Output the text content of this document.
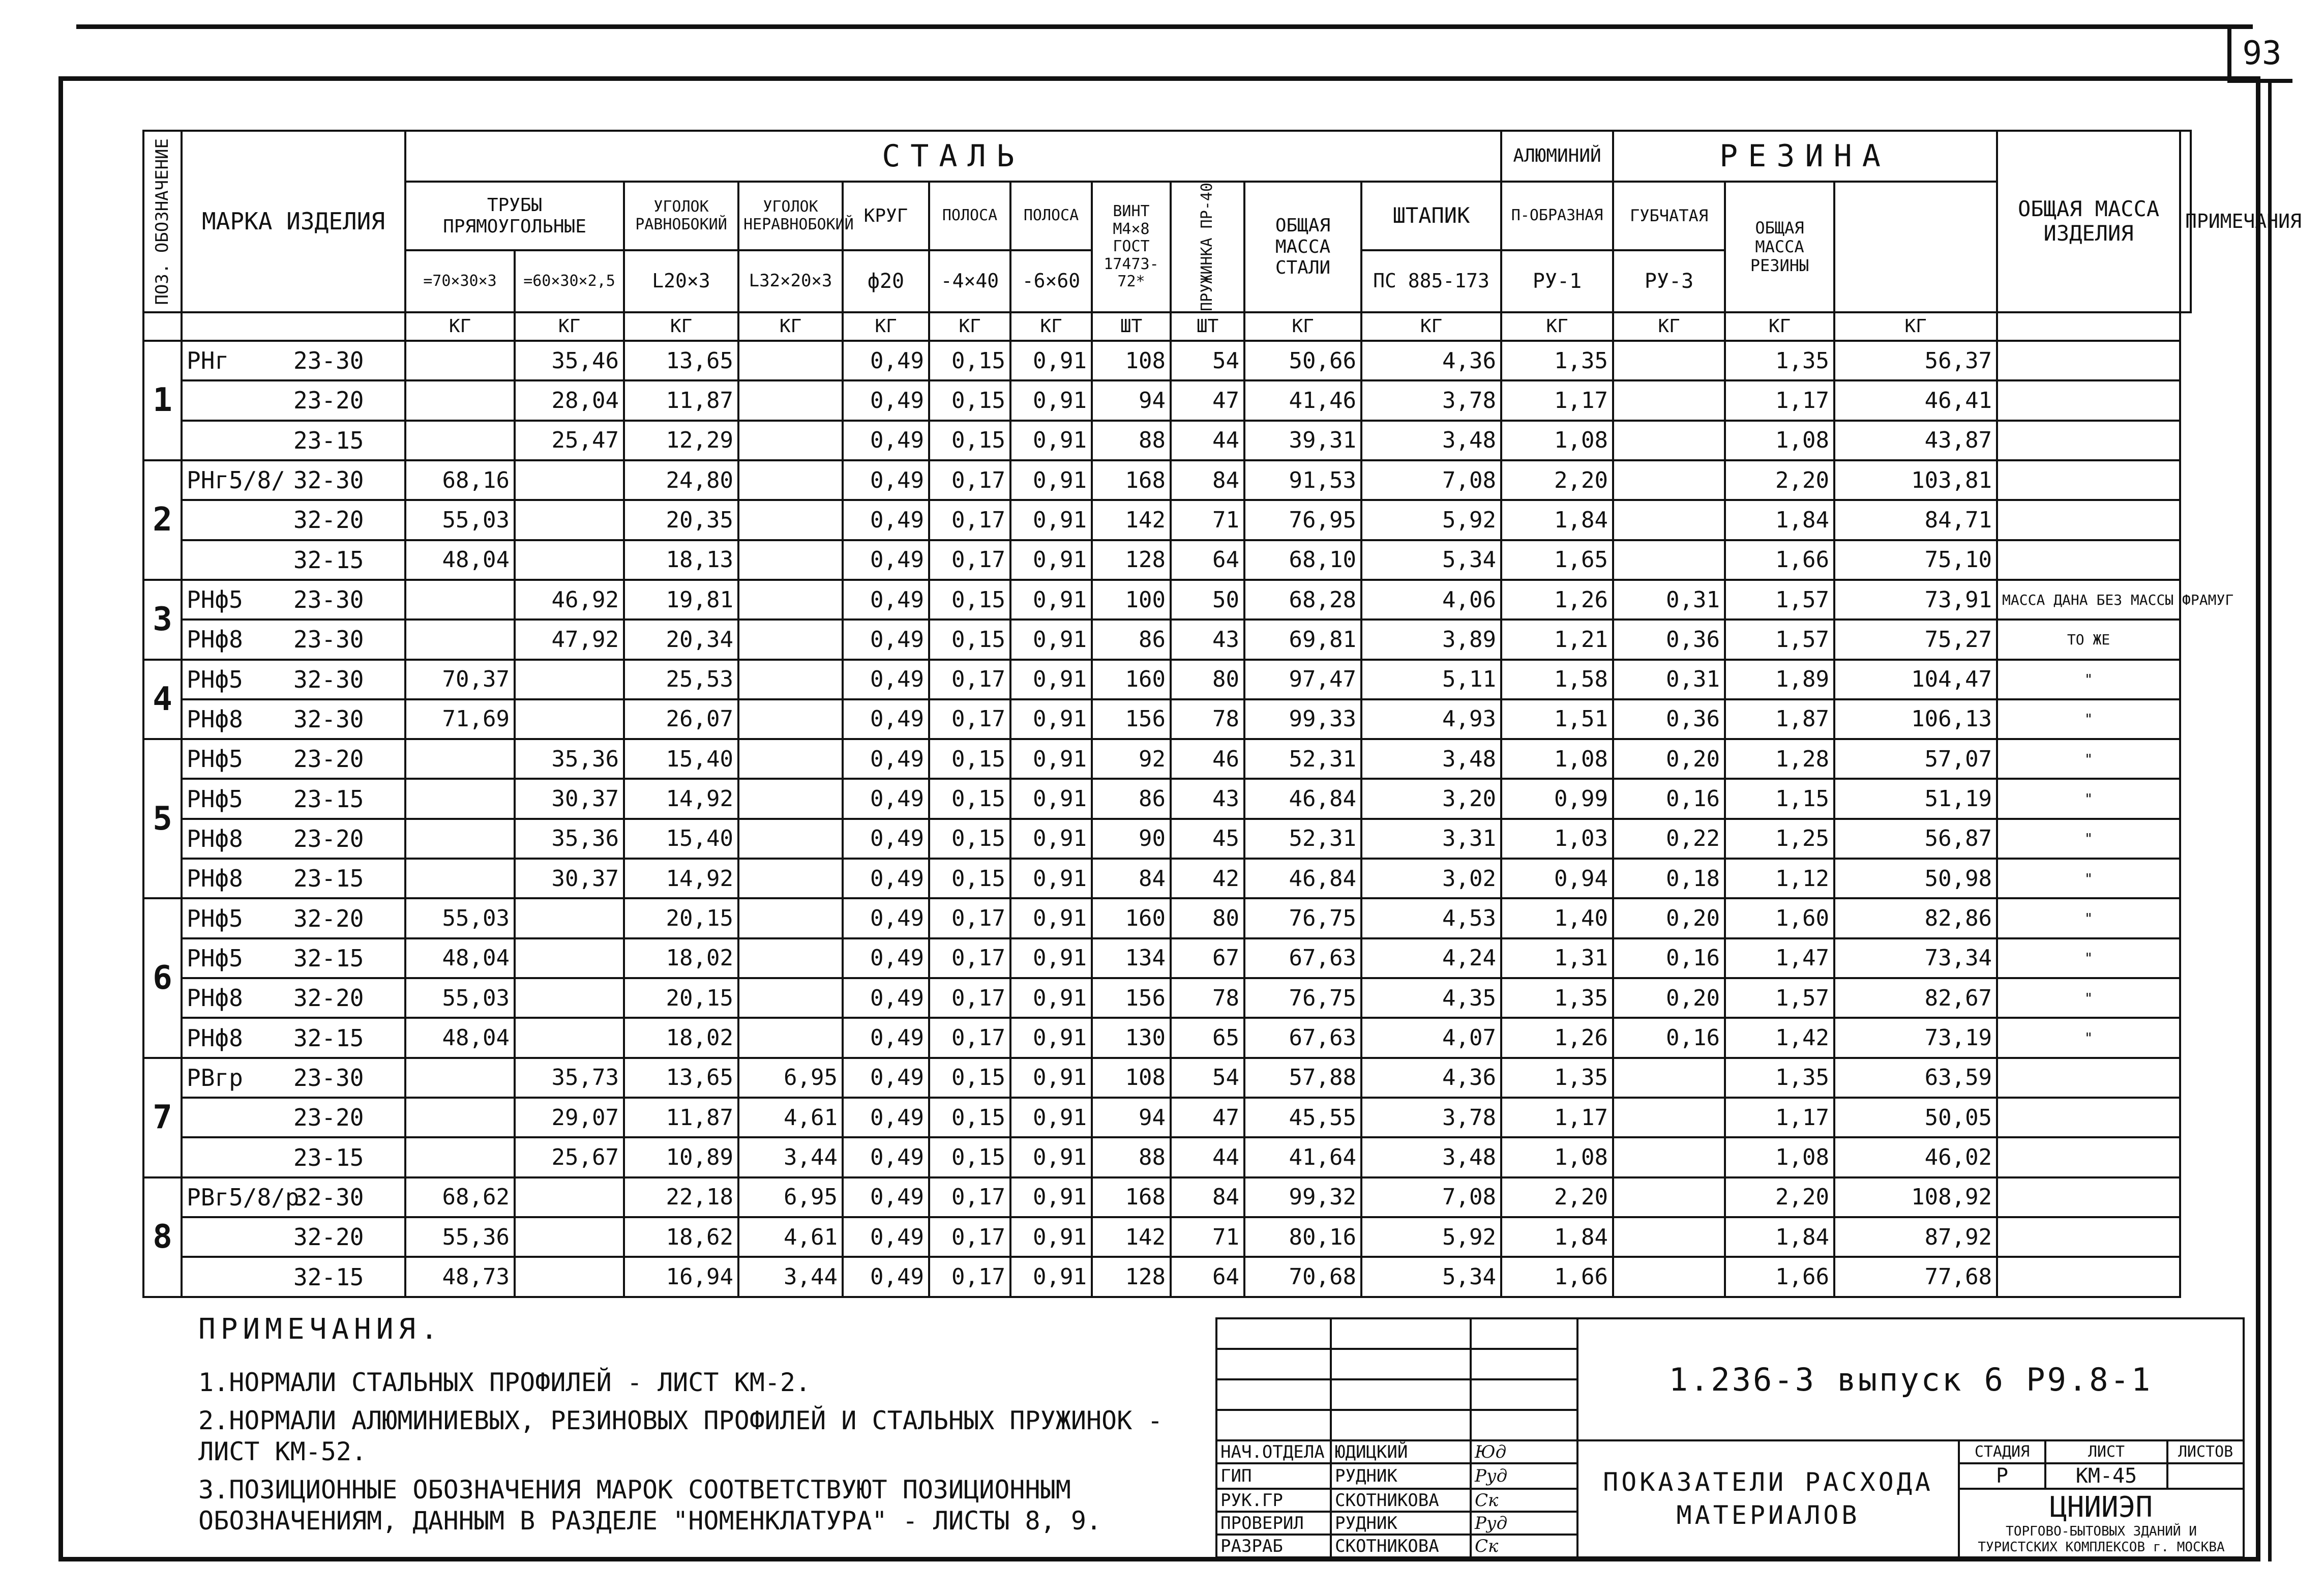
93
ПОЗ. ОБОЗНАЧЕНИЕ	МАРКА ИЗДЕЛИЯ	СТАЛЬ											АЛЮМИНИЙ	РЕЗИНА			ОБЩАЯ МАССА ИЗДЕЛИЯ	ПРИМЕЧАНИЯ
		ТРУБЫ ПРЯМОУГОЛЬНЫЕ		УГОЛОК РАВНОБОКИЙ	УГОЛОК НЕРАВНОБОКИЙ	КРУГ	ПОЛОСА	ПОЛОСА	ВИНТ М4×8 ГОСТ 17473-72*	ПРУЖИНКА ПР-40	ОБЩАЯ МАССА СТАЛИ	ШТАПИК	П-ОБРАЗНАЯ	ГУБЧАТАЯ	ОБЩАЯ МАССА РЕЗИНЫ			
		=70×30×3	=60×30×2,5	L20×3	L32×20×3	ф20	-4×40	-6×60				ПС 885-173	РУ-1	РУ-3				
		КГ	КГ	КГ	КГ	КГ	КГ	КГ	ШТ	ШТ	КГ	КГ	КГ	КГ	КГ	КГ		
1	РНг 23-30		35,46	13,65		0,49	0,15	0,91	108	54	50,66	4,36	1,35		1,35	56,37		
	23-20		28,04	11,87		0,49	0,15	0,91	94	47	41,46	3,78	1,17		1,17	46,41		
	23-15		25,47	12,29		0,49	0,15	0,91	88	44	39,31	3,48	1,08		1,08	43,87		
2	РНг5/8/ 32-30	68,16		24,80		0,49	0,17	0,91	168	84	91,53	7,08	2,20		2,20	103,81		
	32-20	55,03		20,35		0,49	0,17	0,91	142	71	76,95	5,92	1,84		1,84	84,71		
	32-15	48,04		18,13		0,49	0,17	0,91	128	64	68,10	5,34	1,65		1,66	75,10		
3	РНф5 23-30		46,92	19,81		0,49	0,15	0,91	100	50	68,28	4,06	1,26	0,31	1,57	73,91	МАССА ДАНА БЕЗ МАССЫ ФРАМУГ	
	РНф8 23-30		47,92	20,34		0,49	0,15	0,91	86	43	69,81	3,89	1,21	0,36	1,57	75,27	ТО ЖЕ	
4	РНф5 32-30	70,37		25,53		0,49	0,17	0,91	160	80	97,47	5,11	1,58	0,31	1,89	104,47	"	
	РНф8 32-30	71,69		26,07		0,49	0,17	0,91	156	78	99,33	4,93	1,51	0,36	1,87	106,13	"	
5	РНф5 23-20		35,36	15,40		0,49	0,15	0,91	92	46	52,31	3,48	1,08	0,20	1,28	57,07	"	
	РНф5 23-15		30,37	14,92		0,49	0,15	0,91	86	43	46,84	3,20	0,99	0,16	1,15	51,19	"	
	РНф8 23-20		35,36	15,40		0,49	0,15	0,91	90	45	52,31	3,31	1,03	0,22	1,25	56,87	"	
	РНф8 23-15		30,37	14,92		0,49	0,15	0,91	84	42	46,84	3,02	0,94	0,18	1,12	50,98	"	
6	РНф5 32-20	55,03		20,15		0,49	0,17	0,91	160	80	76,75	4,53	1,40	0,20	1,60	82,86	"	
	РНф5 32-15	48,04		18,02		0,49	0,17	0,91	134	67	67,63	4,24	1,31	0,16	1,47	73,34	"	
	РНф8 32-20	55,03		20,15		0,49	0,17	0,91	156	78	76,75	4,35	1,35	0,20	1,57	82,67	"	
	РНф8 32-15	48,04		18,02		0,49	0,17	0,91	130	65	67,63	4,07	1,26	0,16	1,42	73,19	"	
7	РВгр 23-30		35,73	13,65	6,95	0,49	0,15	0,91	108	54	57,88	4,36	1,35		1,35	63,59		
	23-20		29,07	11,87	4,61	0,49	0,15	0,91	94	47	45,55	3,78	1,17		1,17	50,05		
	23-15		25,67	10,89	3,44	0,49	0,15	0,91	88	44	41,64	3,48	1,08		1,08	46,02		
8	РВг5/8/р32-30	68,62		22,18	6,95	0,49	0,17	0,91	168	84	99,32	7,08	2,20		2,20	108,92		
	32-20	55,36		18,62	4,61	0,49	0,17	0,91	142	71	80,16	5,92	1,84		1,84	87,92		
	32-15	48,73		16,94	3,44	0,49	0,17	0,91	128	64	70,68	5,34	1,66		1,66	77,68		
ПРИМЕЧАНИЯ.
1.НОРМАЛИ СТАЛЬНЫХ ПРОФИЛЕЙ - ЛИСТ КМ-2.
2.НОРМАЛИ АЛЮМИНИЕВЫХ, РЕЗИНОВЫХ ПРОФИЛЕЙ И СТАЛЬНЫХ ПРУЖИНОК - ЛИСТ КМ-52.
3.ПОЗИЦИОННЫЕ ОБОЗНАЧЕНИЯ МАРОК СООТВЕТСТВУЮТ ПОЗИЦИОННЫМ ОБОЗНАЧЕНИЯМ, ДАННЫМ В РАЗДЕЛЕ "НОМЕНКЛАТУРА" - ЛИСТЫ 8, 9.
			1.236-3 выпуск 6 Р9.8-1			

НАЧ.ОТДЕЛА	ЮДИЦКИЙ	Юд	ПОКАЗАТЕЛИ РАСХОДА МАТЕРИАЛОВ	СТАДИЯ	ЛИСТ	ЛИСТОВ
ГИП	РУДНИК	Руд		Р	КМ-45	
РУК.ГР	СКОТНИКОВА	Ск		ЦНИИЭП
ТОРГОВО-БЫТОВЫХ ЗДАНИЙ И ТУРИСТСКИХ КОМПЛЕКСОВ г. МОСКВА		

ПРОВЕРИЛ	РУДНИК	Руд				
РАЗРАБ	СКОТНИКОВА	Ск				
